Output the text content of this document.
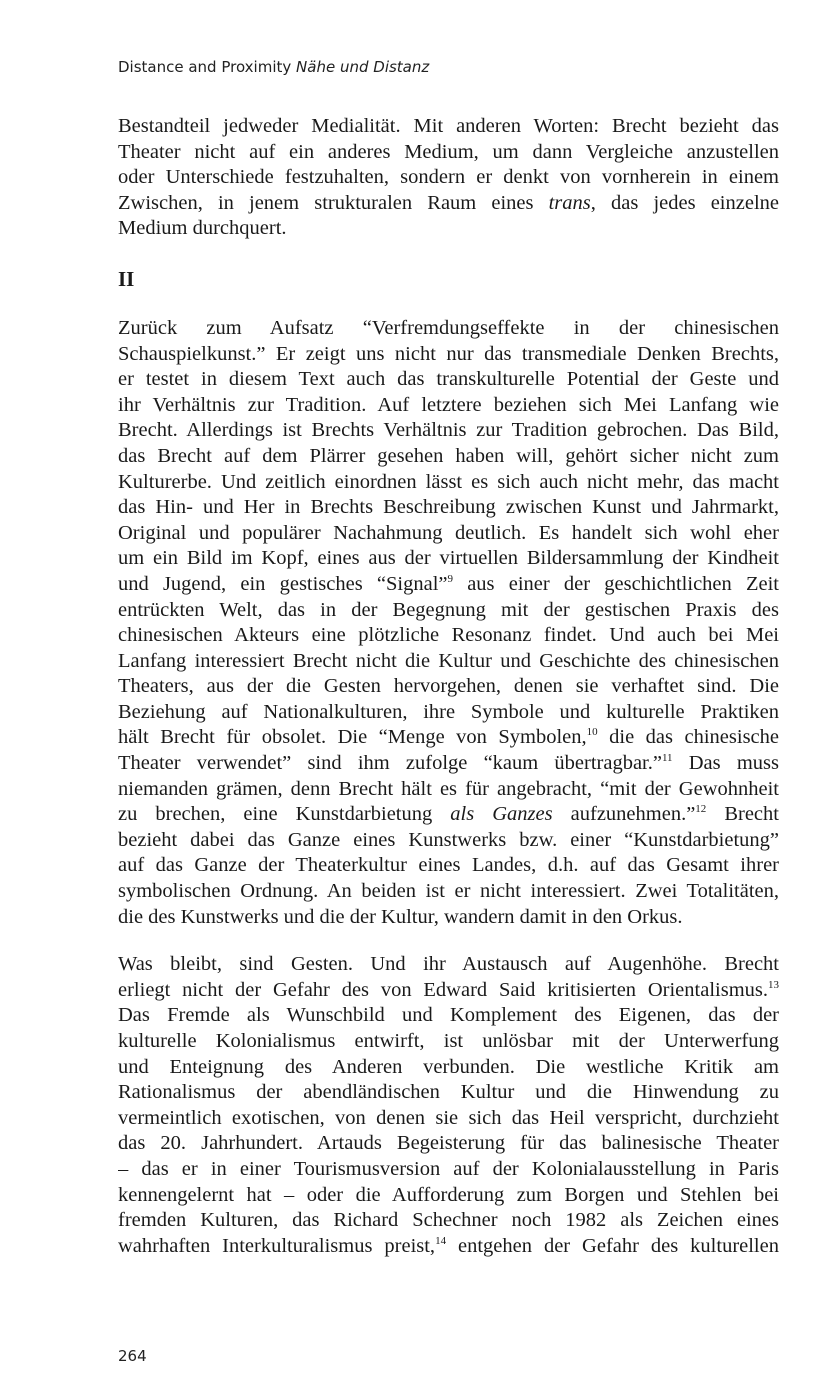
Distance and Proximity Nähe und Distanz

Bestandteil jedweder Medialität. Mit anderen Worten: Brecht bezieht das
Theater nicht auf ein anderes Medium, um dann Vergleiche anzustellen
oder Unterschiede festzuhalten, sondern er denkt von vornherein in einem
Zwischen, in jenem strukturalen Raum eines trans, das jedes einzelne
Medium durchquert.

II

Zurück zum Aufsatz “Verfremdungseffekte in der chinesischen
Schauspielkunst.” Er zeigt uns nicht nur das transmediale Denken Brechts,
er testet in diesem Text auch das transkulturelle Potential der Geste und
ihr Verhältnis zur Tradition. Auf letztere beziehen sich Mei Lanfang wie
Brecht. Allerdings ist Brechts Verhältnis zur Tradition gebrochen. Das Bild,
das Brecht auf dem Plärrer gesehen haben will, gehört sicher nicht zum
Kulturerbe. Und zeitlich einordnen lässt es sich auch nicht mehr, das macht
das Hin- und Her in Brechts Beschreibung zwischen Kunst und Jahrmarkt,
Original und populärer Nachahmung deutlich. Es handelt sich wohl eher
um ein Bild im Kopf, eines aus der virtuellen Bildersammlung der Kindheit
und Jugend, ein gestisches “Signal”$^9$ aus einer der geschichtlichen Zeit
entrückten Welt, das in der Begegnung mit der gestischen Praxis des
chinesischen Akteurs eine plötzliche Resonanz findet. Und auch bei Mei
Lanfang interessiert Brecht nicht die Kultur und Geschichte des chinesischen
Theaters, aus der die Gesten hervorgehen, denen sie verhaftet sind. Die
Beziehung auf Nationalkulturen, ihre Symbole und kulturelle Praktiken
hält Brecht für obsolet. Die “Menge von Symbolen,$^{10}$ die das chinesische
Theater verwendet” sind ihm zufolge “kaum übertragbar.”$^{11}$ Das muss
niemanden grämen, denn Brecht hält es für angebracht, “mit der Gewohnheit
zu brechen, eine Kunstdarbietung als Ganzes aufzunehmen.”$^{12}$ Brecht
bezieht dabei das Ganze eines Kunstwerks bzw. einer “Kunstdarbietung”
auf das Ganze der Theaterkultur eines Landes, d.h. auf das Gesamt ihrer
symbolischen Ordnung. An beiden ist er nicht interessiert. Zwei Totalitäten,
die des Kunstwerks und die der Kultur, wandern damit in den Orkus.

Was bleibt, sind Gesten. Und ihr Austausch auf Augenhöhe. Brecht
erliegt nicht der Gefahr des von Edward Said kritisierten Orientalismus.$^{13}$
Das Fremde als Wunschbild und Komplement des Eigenen, das der
kulturelle Kolonialismus entwirft, ist unlösbar mit der Unterwerfung
und Enteignung des Anderen verbunden. Die westliche Kritik am
Rationalismus der abendländischen Kultur und die Hinwendung zu
vermeintlich exotischen, von denen sie sich das Heil verspricht, durchzieht
das 20. Jahrhundert. Artauds Begeisterung für das balinesische Theater
– das er in einer Tourismusversion auf der Kolonialausstellung in Paris
kennengelernt hat – oder die Aufforderung zum Borgen und Stehlen bei
fremden Kulturen, das Richard Schechner noch 1982 als Zeichen eines
wahrhaften Interkulturalismus preist,$^{14}$ entgehen der Gefahr des kulturellen

264
